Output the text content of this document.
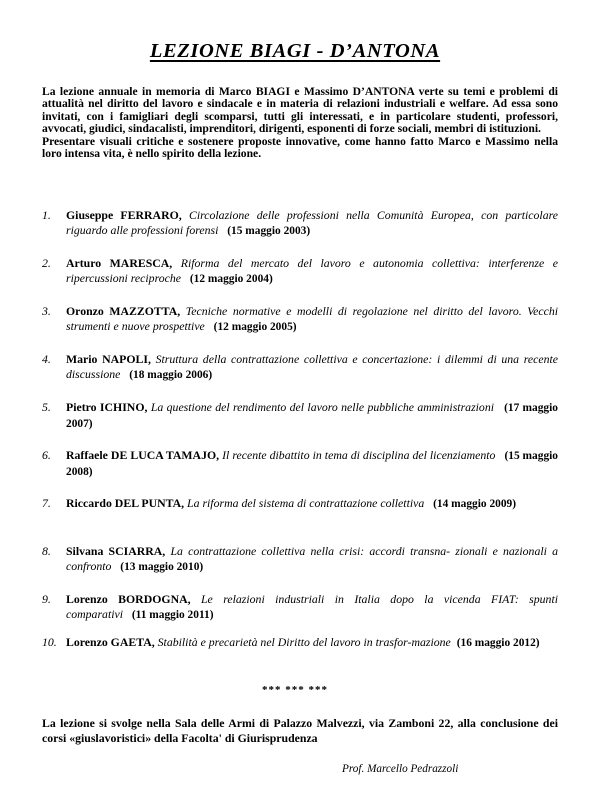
LEZIONE BIAGI - D’ANTONA

La lezione annuale in memoria di Marco BIAGI e Massimo D’ANTONA verte su temi e problemi di attualità nel diritto del lavoro e sindacale e in materia di relazioni industriali e welfare. Ad essa sono invitati, con i famigliari degli scomparsi, tutti gli interessati, e in particolare studenti, professori, avvocati, giudici, sindacalisti, imprenditori, dirigenti, esponenti di forze sociali, membri di istituzioni.

Presentare visuali critiche e sostenere proposte innovative, come hanno fatto Marco e Massimo nella loro intensa vita, è nello spirito della lezione.

1. Giuseppe FERRARO, Circolazione delle professioni nella Comunità Europea, con particolare riguardo alle professioni forensi (15 maggio 2003)
2. Arturo MARESCA, Riforma del mercato del lavoro e autonomia collettiva: interferenze e ripercussioni reciproche (12 maggio 2004)
3. Oronzo MAZZOTTA, Tecniche normative e modelli di regolazione nel diritto del lavoro. Vecchi strumenti e nuove prospettive (12 maggio 2005)
4. Mario NAPOLI, Struttura della contrattazione collettiva e concertazione: i dilemmi di una recente discussione (18 maggio 2006)
5. Pietro ICHINO, La questione del rendimento del lavoro nelle pubbliche amministrazioni (17 maggio 2007)
6. Raffaele DE LUCA TAMAJO, Il recente dibattito in tema di disciplina del licenziamento (15 maggio 2008)
7. Riccardo DEL PUNTA, La riforma del sistema di contrattazione collettiva (14 maggio 2009)
8. Silvana SCIARRA, La contrattazione collettiva nella crisi: accordi transna- zionali e nazionali a confronto (13 maggio 2010)
9. Lorenzo BORDOGNA, Le relazioni industriali in Italia dopo la vicenda FIAT: spunti comparativi (11 maggio 2011)
10. Lorenzo GAETA, Stabilità e precarietà nel Diritto del lavoro in trasfor-mazione (16 maggio 2012)
*** *** ***
La lezione si svolge nella Sala delle Armi di Palazzo Malvezzi, via Zamboni 22, alla conclusione dei corsi «giuslavoristici» della Facolta' di Giurisprudenza
Prof. Marcello Pedrazzoli
